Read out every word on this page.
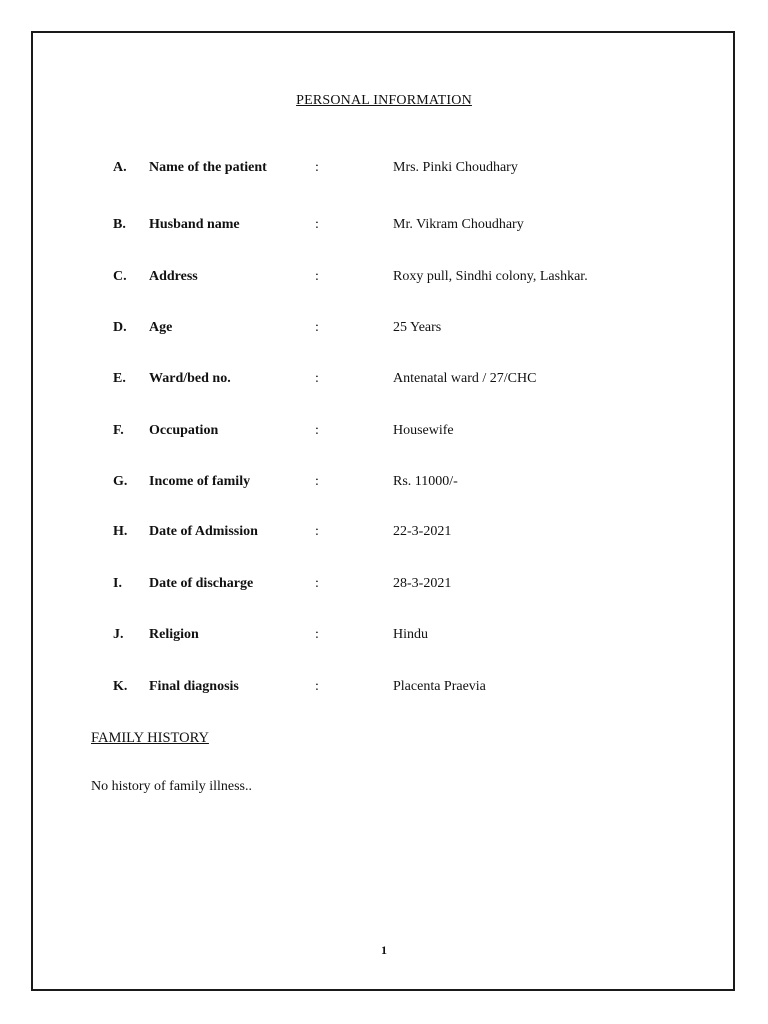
PERSONAL INFORMATION
A. Name of the patient	:	Mrs. Pinki Choudhary
B. Husband name	:	Mr. Vikram Choudhary
C. Address	:	Roxy pull, Sindhi colony, Lashkar.
D. Age	:	25 Years
E. Ward/bed no.	:	Antenatal ward / 27/CHC
F. Occupation	:	Housewife
G. Income of family	:	Rs. 11000/-
H. Date of Admission	:	22-3-2021
I. Date of discharge	:	28-3-2021
J. Religion	:	Hindu
K. Final diagnosis	:	Placenta Praevia
FAMILY HISTORY
No history of family illness..
1
